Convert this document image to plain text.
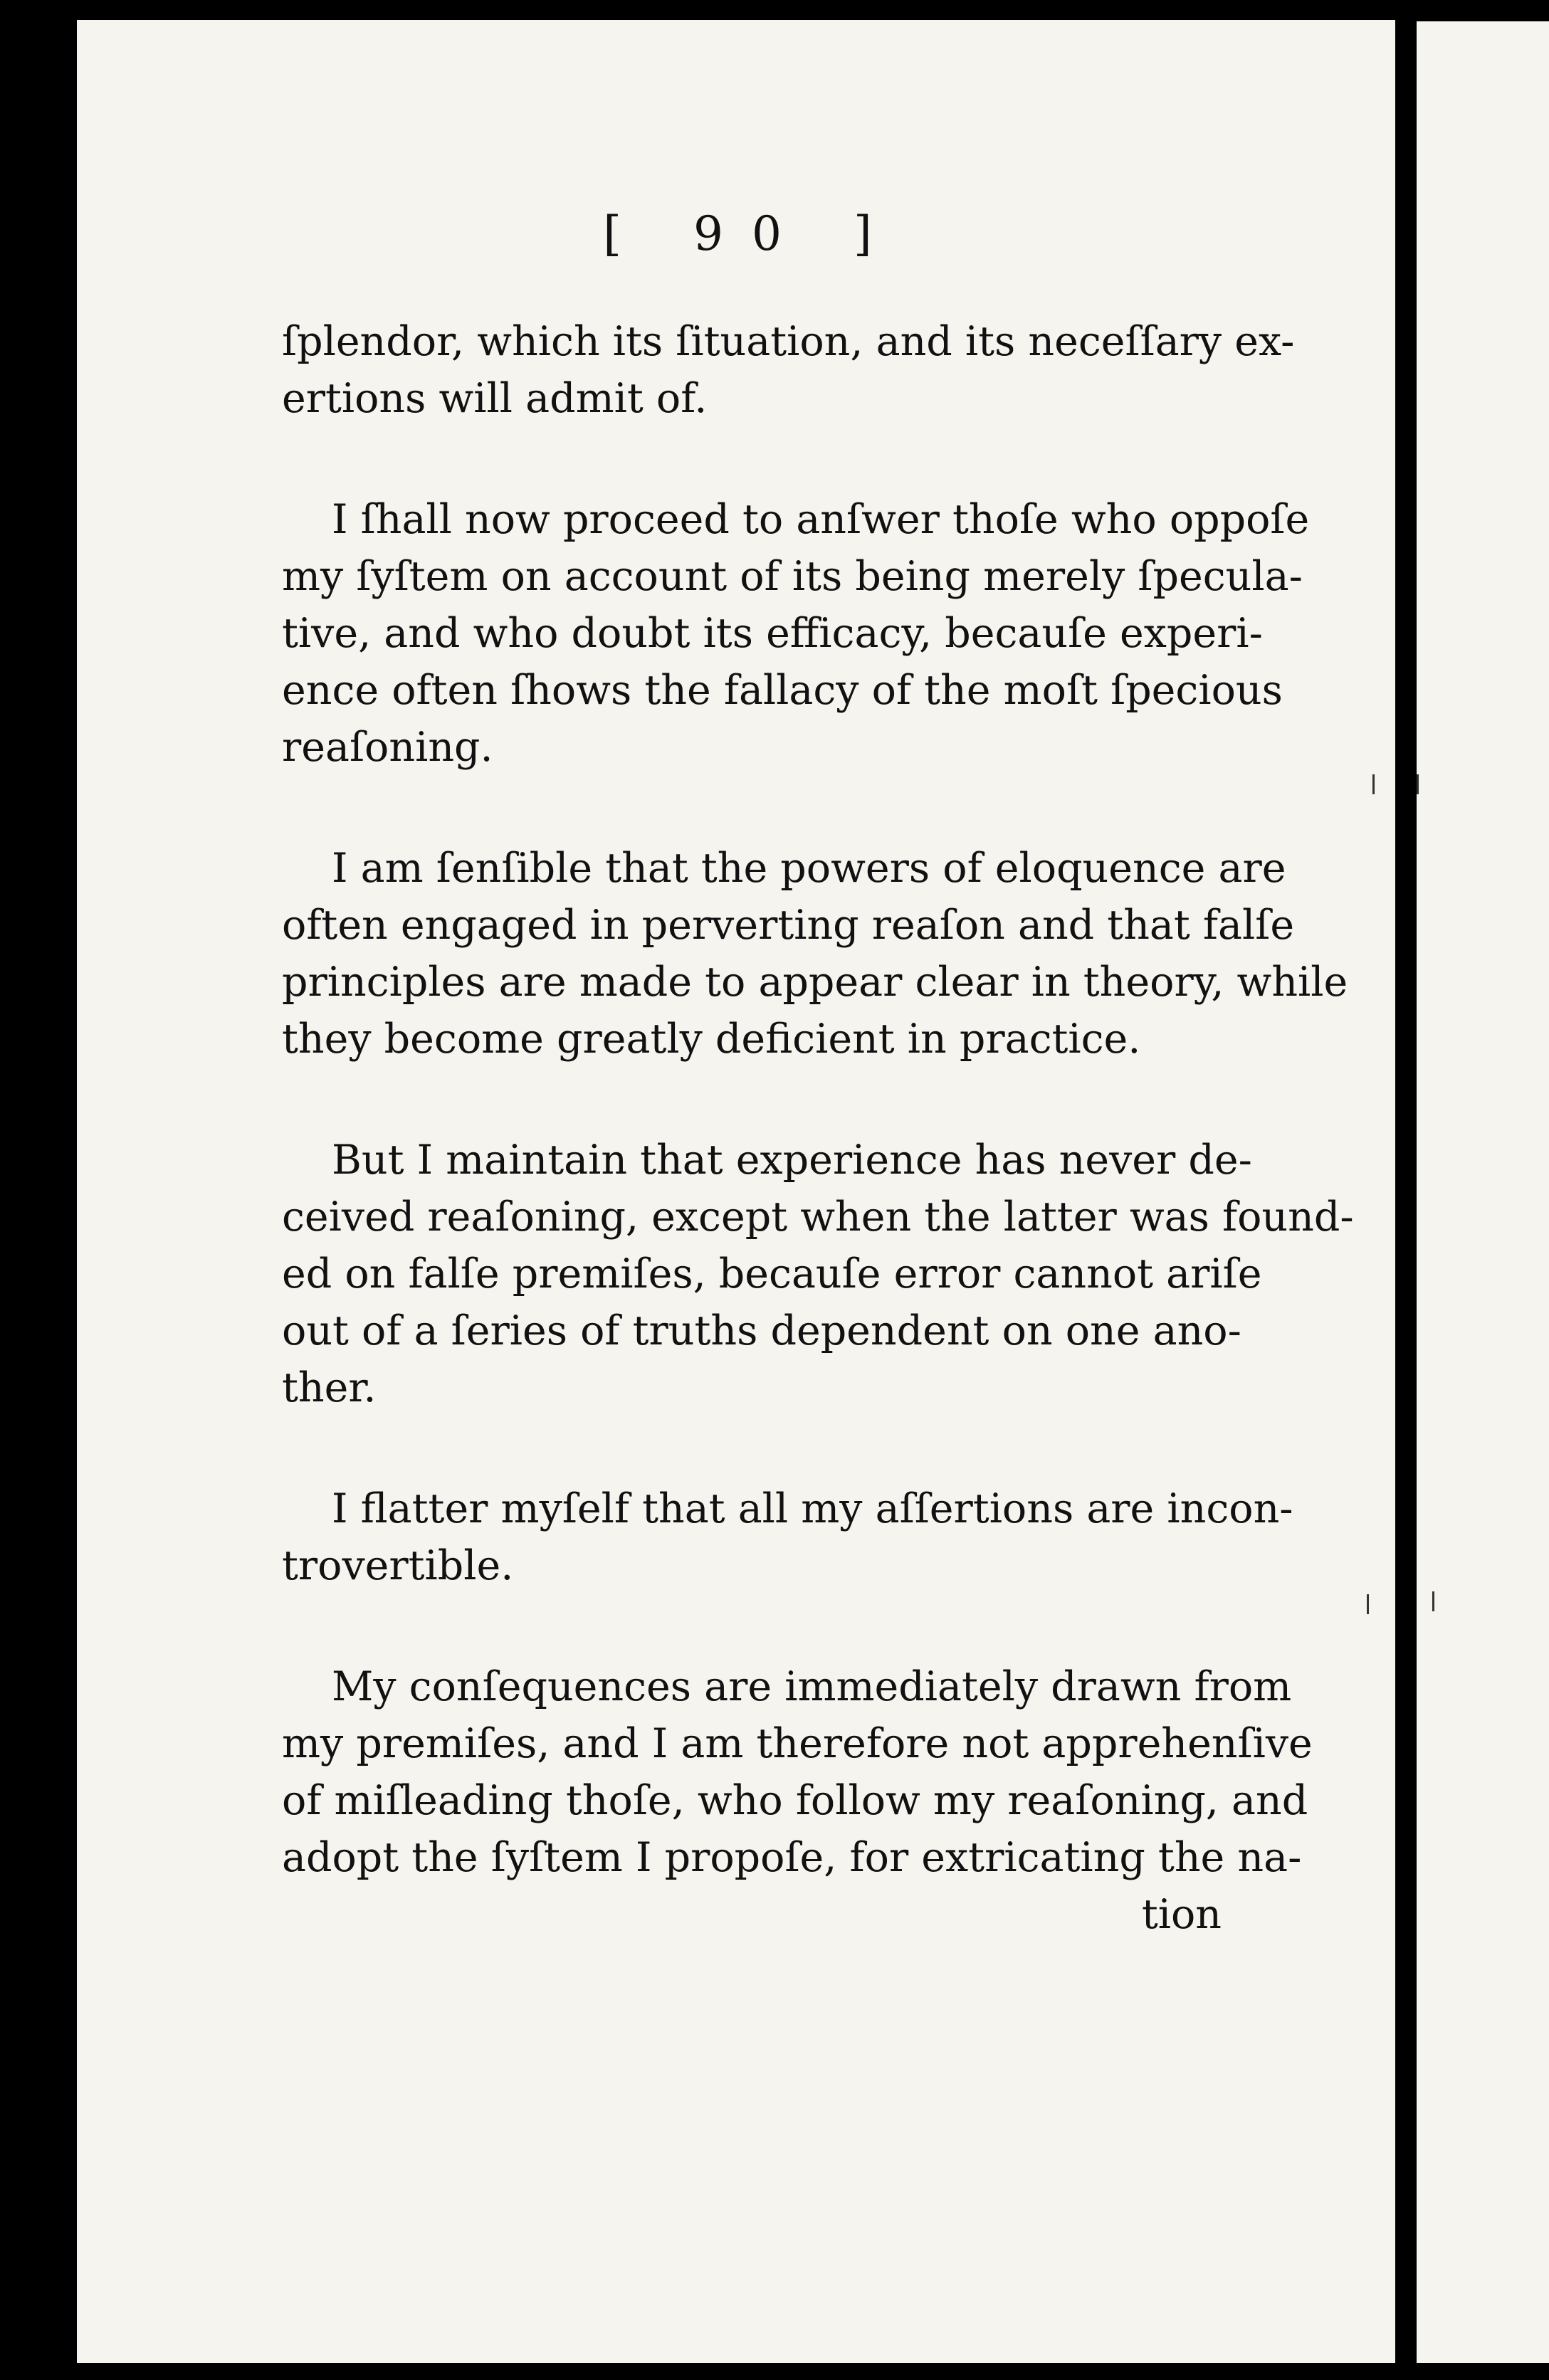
[ 90 ]
ſplendor, which its ſituation, and its neceſſary ex-
ertions will admit of.
I ſhall now proceed to anſwer thoſe who oppoſe
my ſyſtem on account of its being merely ſpecula-
tive, and who doubt its efficacy, becauſe experi-
ence often ſhows the fallacy of the moſt ſpecious
reaſoning.
I am ſenſible that the powers of eloquence are
often engaged in perverting reaſon and that falſe
principles are made to appear clear in theory, while
they become greatly deficient in practice.
But I maintain that experience has never de-
ceived reaſoning, except when the latter was found-
ed on falſe premiſes, becauſe error cannot ariſe
out of a ſeries of truths dependent on one ano-
ther.
I flatter myſelf that all my aſſertions are incon-
trovertible.
My conſequences are immediately drawn from
my premiſes, and I am therefore not apprehenſive
of miſleading thoſe, who follow my reaſoning, and
adopt the ſyſtem I propoſe, for extricating the na-
tion
